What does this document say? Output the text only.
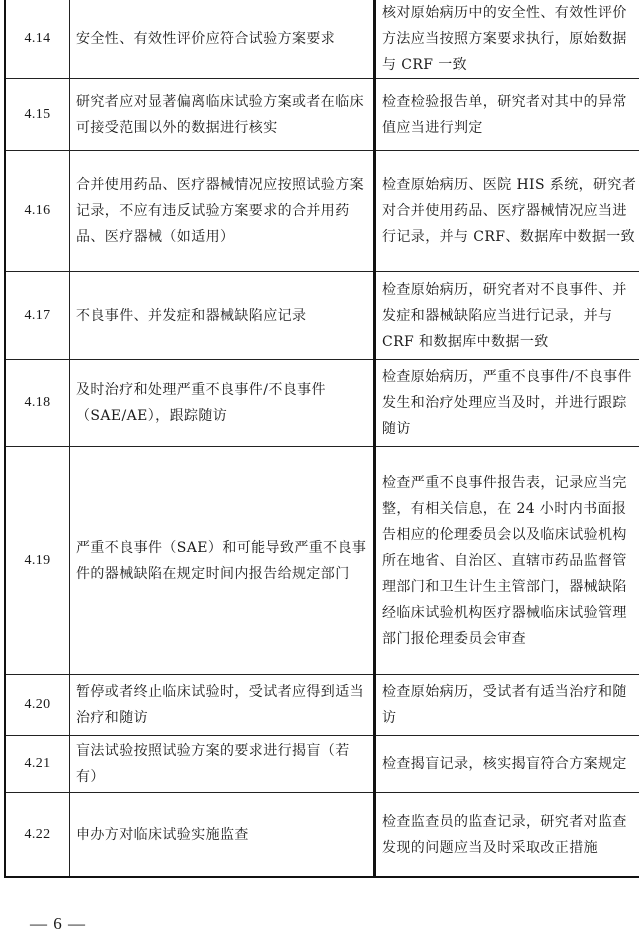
4.14	安全性、有效性评价应符合试验方案要求	核对原始病历中的安全性、有效性评价方法应当按照方案要求执行，原始数据与 CRF 一致
4.15	研究者应对显著偏离临床试验方案或者在临床可接受范围以外的数据进行核实	检查检验报告单，研究者对其中的异常值应当进行判定
4.16	合并使用药品、医疗器械情况应按照试验方案记录，不应有违反试验方案要求的合并用药品、医疗器械（如适用）	检查原始病历、医院 HIS 系统，研究者对合并使用药品、医疗器械情况应当进行记录，并与 CRF、数据库中数据一致
4.17	不良事件、并发症和器械缺陷应记录	检查原始病历，研究者对不良事件、并发症和器械缺陷应当进行记录，并与 CRF 和数据库中数据一致
4.18	及时治疗和处理严重不良事件/不良事件（SAE/AE），跟踪随访	检查原始病历，严重不良事件/不良事件发生和治疗处理应当及时，并进行跟踪随访
4.19	严重不良事件（SAE）和可能导致严重不良事件的器械缺陷在规定时间内报告给规定部门	检查严重不良事件报告表，记录应当完整，有相关信息，在 24 小时内书面报告相应的伦理委员会以及临床试验机构所在地省、自治区、直辖市药品监督管理部门和卫生计生主管部门，器械缺陷经临床试验机构医疗器械临床试验管理部门报伦理委员会审查
4.20	暂停或者终止临床试验时，受试者应得到适当治疗和随访	检查原始病历，受试者有适当治疗和随访
4.21	盲法试验按照试验方案的要求进行揭盲（若有）	检查揭盲记录，核实揭盲符合方案规定
4.22	申办方对临床试验实施监查	检查监查员的监查记录，研究者对监查发现的问题应当及时采取改正措施
— 6 —
